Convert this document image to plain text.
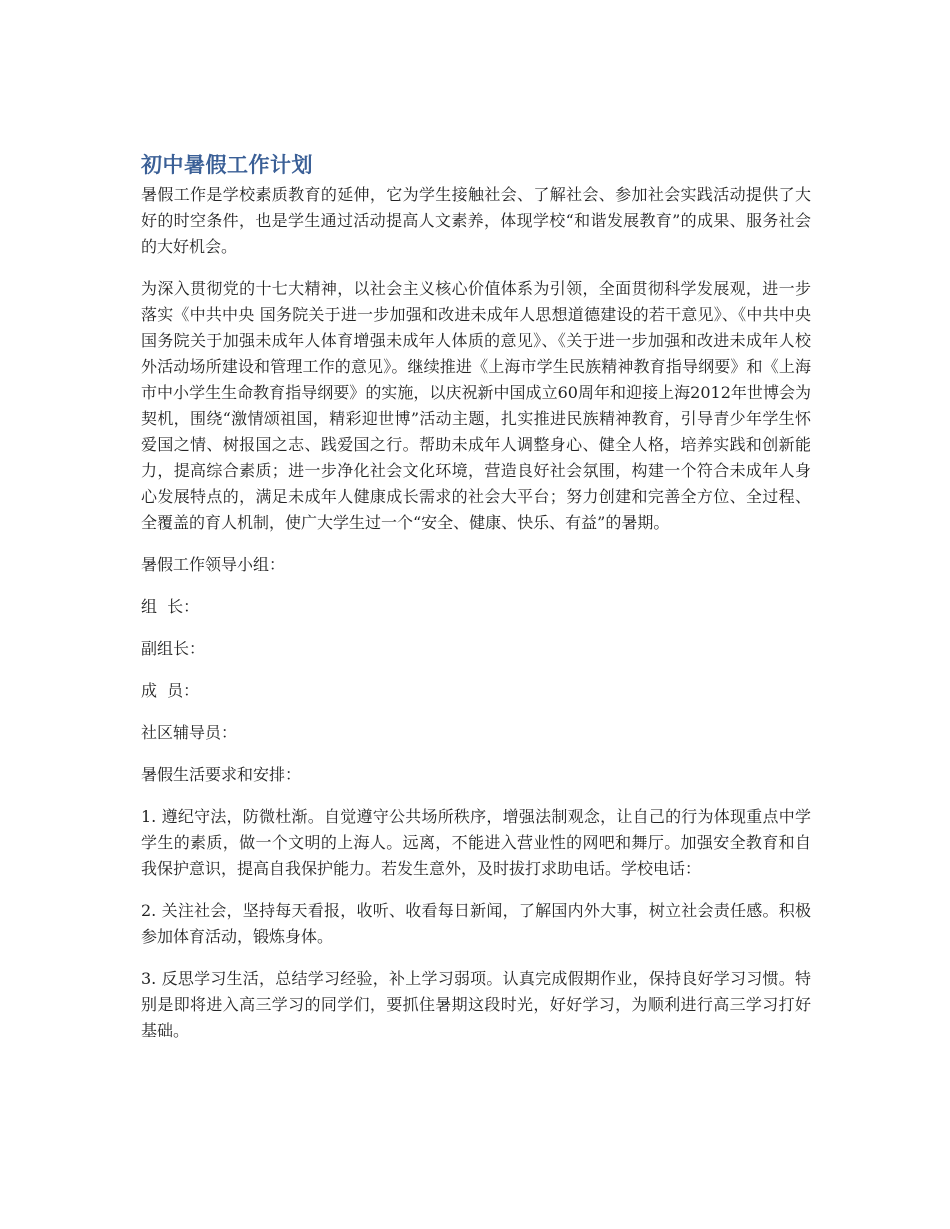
初中暑假工作计划

暑假工作是学校素质教育的延伸，它为学生接触社会、了解社会、参加社会实践活动提供了大好的时空条件，也是学生通过活动提高人文素养，体现学校“和谐发展教育”的成果、服务社会的大好机会。

为深入贯彻党的十七大精神，以社会主义核心价值体系为引领，全面贯彻科学发展观，进一步落实《中共中央 国务院关于进一步加强和改进未成年人思想道德建设的若干意见》、《中共中央国务院关于加强未成年人体育增强未成年人体质的意见》、《关于进一步加强和改进未成年人校外活动场所建设和管理工作的意见》。继续推进《上海市学生民族精神教育指导纲要》和《上海市中小学生生命教育指导纲要》的实施，以庆祝新中国成立60周年和迎接上海2012年世博会为契机，围绕“激情颂祖国，精彩迎世博”活动主题，扎实推进民族精神教育，引导青少年学生怀爱国之情、树报国之志、践爱国之行。帮助未成年人调整身心、健全人格，培养实践和创新能力，提高综合素质；进一步净化社会文化环境，营造良好社会氛围，构建一个符合未成年人身心发展特点的，满足未成年人健康成长需求的社会大平台；努力创建和完善全方位、全过程、全覆盖的育人机制，使广大学生过一个“安全、健康、快乐、有益”的暑期。

暑假工作领导小组：

组  长：

副组长：

成  员：

社区辅导员：

暑假生活要求和安排：

1. 遵纪守法，防微杜渐。自觉遵守公共场所秩序，增强法制观念，让自己的行为体现重点中学学生的素质，做一个文明的上海人。远离，不能进入营业性的网吧和舞厅。加强安全教育和自我保护意识，提高自我保护能力。若发生意外，及时拔打求助电话。学校电话：

2. 关注社会，坚持每天看报，收听、收看每日新闻，了解国内外大事，树立社会责任感。积极参加体育活动，锻炼身体。

3. 反思学习生活，总结学习经验，补上学习弱项。认真完成假期作业，保持良好学习习惯。特别是即将进入高三学习的同学们，要抓住暑期这段时光，好好学习，为顺利进行高三学习打好基础。
